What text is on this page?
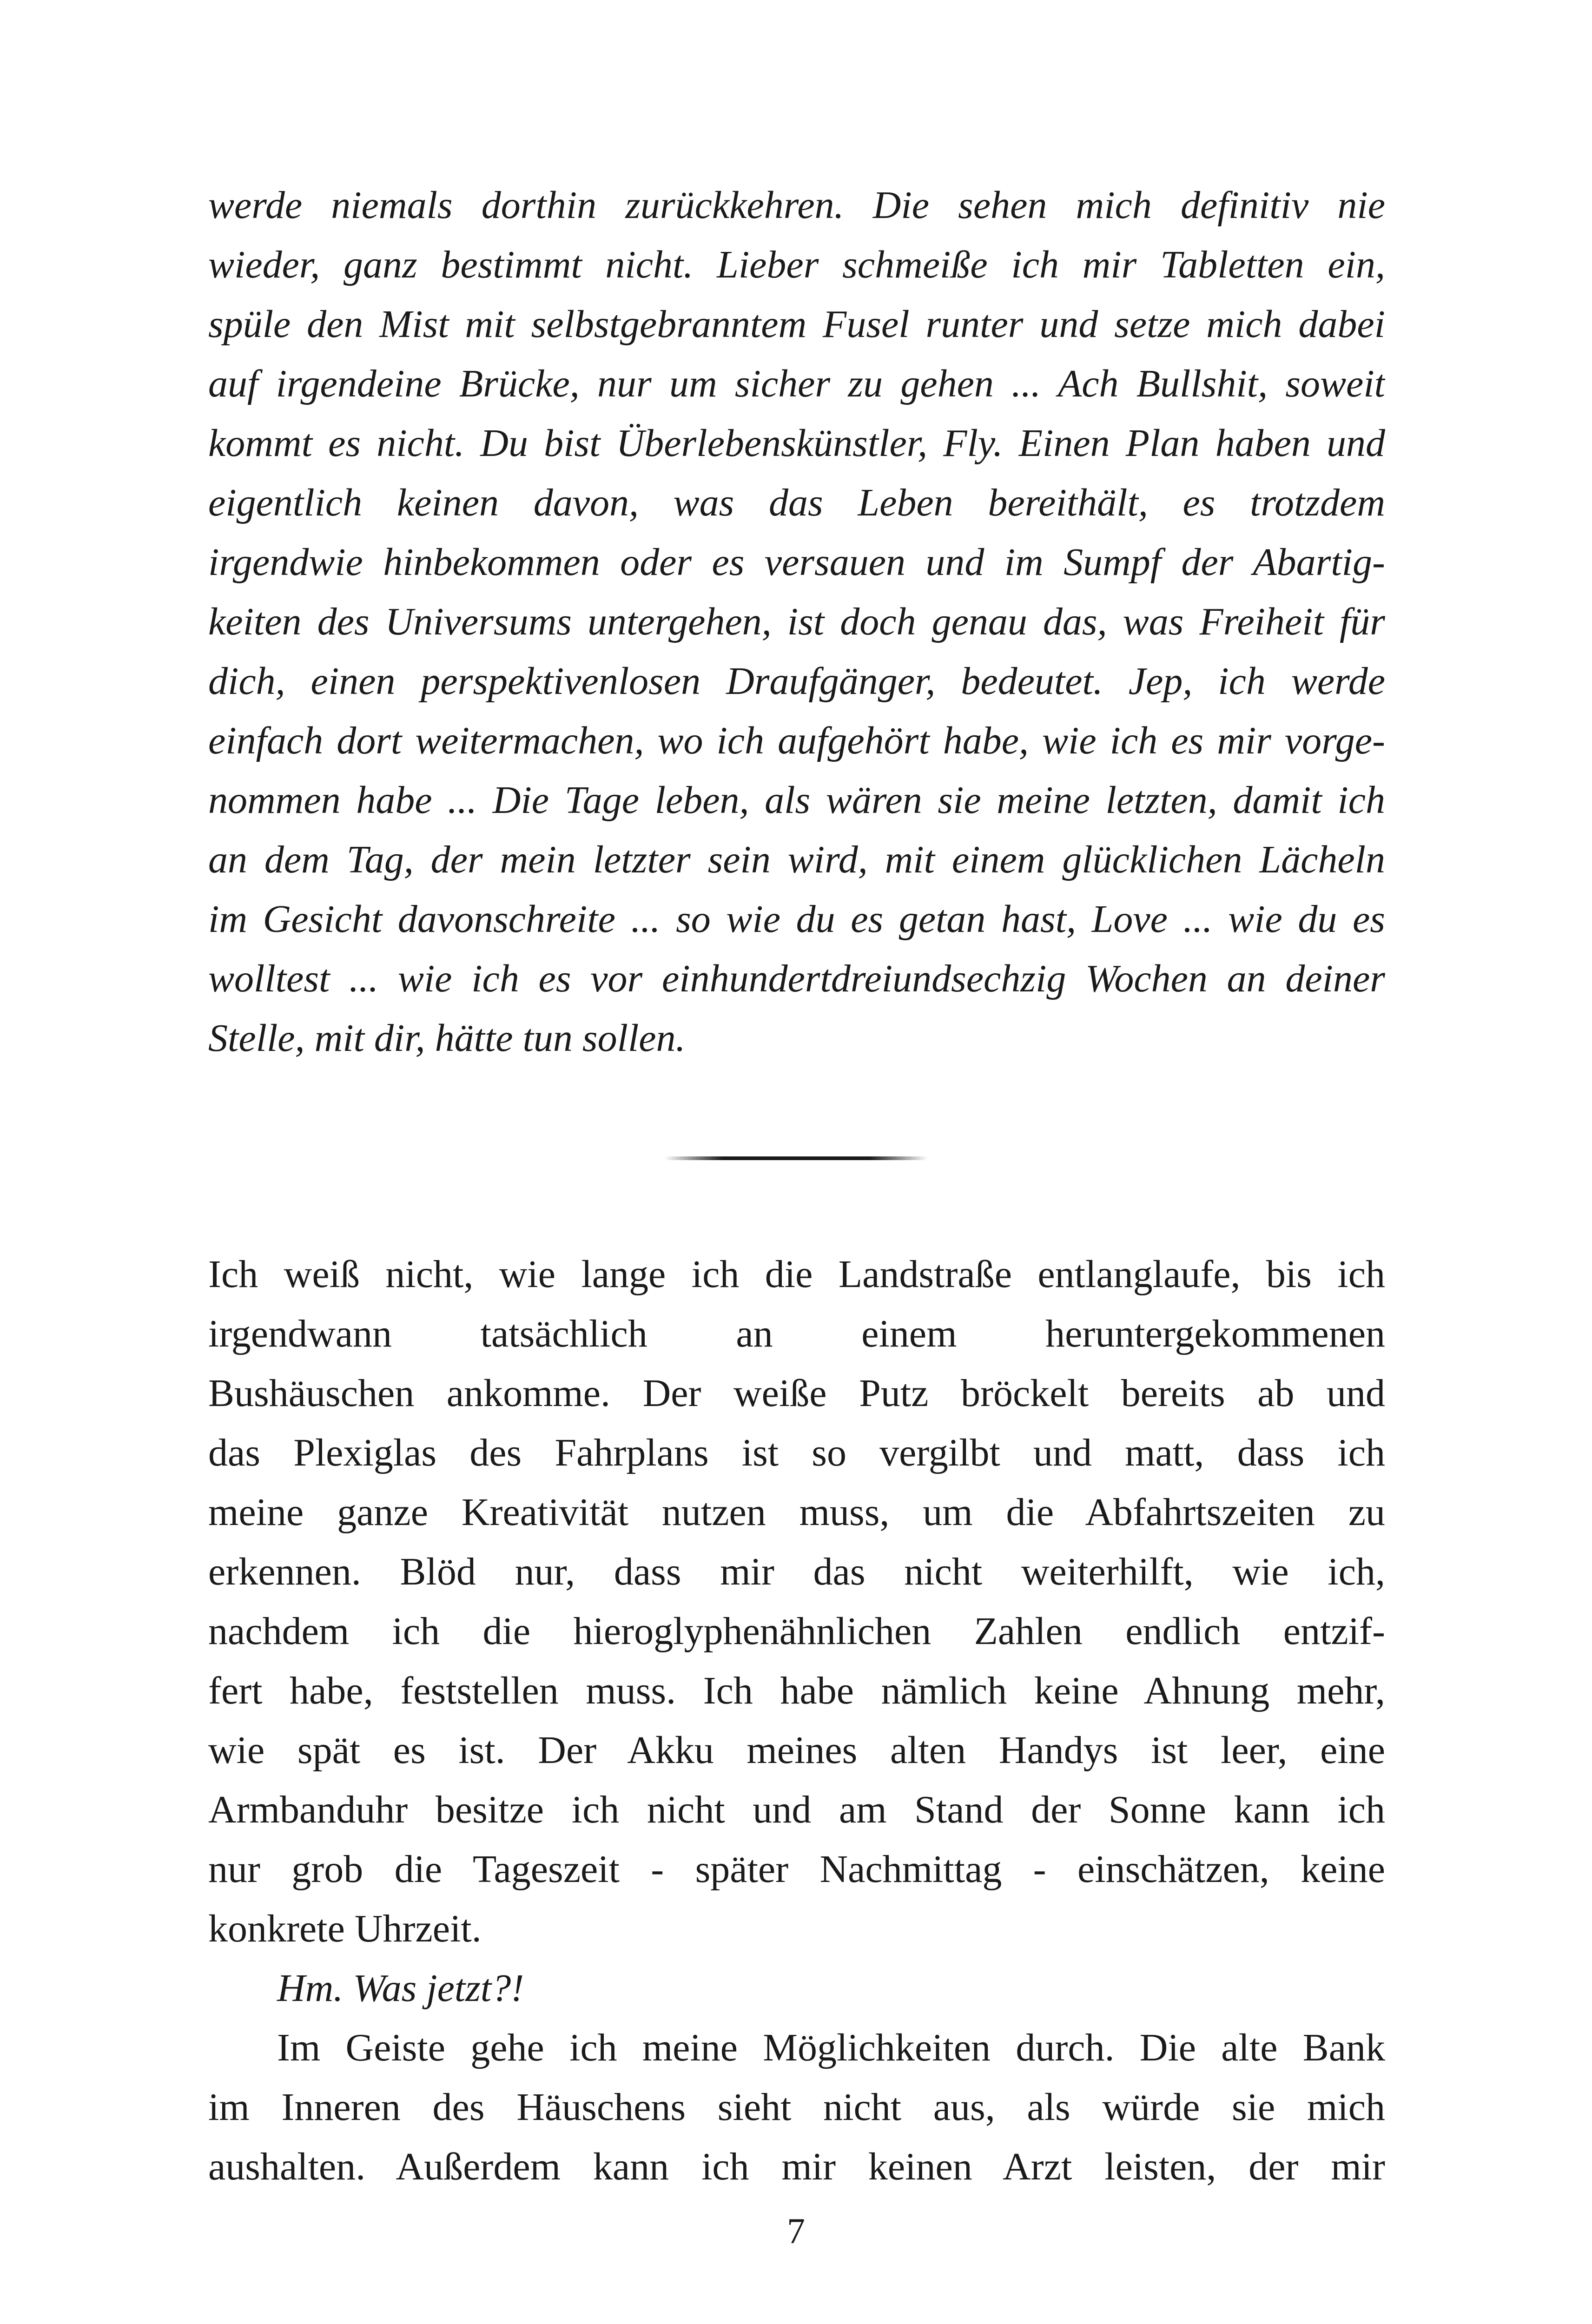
werde niemals dorthin zurückkehren. Die sehen mich definitiv nie
wieder, ganz bestimmt nicht. Lieber schmeiße ich mir Tabletten ein,
spüle den Mist mit selbstgebranntem Fusel runter und setze mich dabei
auf irgendeine Brücke, nur um sicher zu gehen ... Ach Bullshit, soweit
kommt es nicht. Du bist Überlebenskünstler, Fly. Einen Plan haben und
eigentlich keinen davon, was das Leben bereithält, es trotzdem
irgendwie hinbekommen oder es versauen und im Sumpf der Abartig-
keiten des Universums untergehen, ist doch genau das, was Freiheit für
dich, einen perspektivenlosen Draufgänger, bedeutet. Jep, ich werde
einfach dort weitermachen, wo ich aufgehört habe, wie ich es mir vorge-
nommen habe ... Die Tage leben, als wären sie meine letzten, damit ich
an dem Tag, der mein letzter sein wird, mit einem glücklichen Lächeln
im Gesicht davonschreite ... so wie du es getan hast, Love ... wie du es
wolltest ... wie ich es vor einhundertdreiundsechzig Wochen an deiner
Stelle, mit dir, hätte tun sollen.
Ich weiß nicht, wie lange ich die Landstraße entlanglaufe, bis ich
irgendwann tatsächlich an einem heruntergekommenen
Bushäuschen ankomme. Der weiße Putz bröckelt bereits ab und
das Plexiglas des Fahrplans ist so vergilbt und matt, dass ich
meine ganze Kreativität nutzen muss, um die Abfahrtszeiten zu
erkennen. Blöd nur, dass mir das nicht weiterhilft, wie ich,
nachdem ich die hieroglyphenähnlichen Zahlen endlich entzif-
fert habe, feststellen muss. Ich habe nämlich keine Ahnung mehr,
wie spät es ist. Der Akku meines alten Handys ist leer, eine
Armbanduhr besitze ich nicht und am Stand der Sonne kann ich
nur grob die Tageszeit - später Nachmittag - einschätzen, keine
konkrete Uhrzeit.
Hm. Was jetzt?!
Im Geiste gehe ich meine Möglichkeiten durch. Die alte Bank
im Inneren des Häuschens sieht nicht aus, als würde sie mich
aushalten. Außerdem kann ich mir keinen Arzt leisten, der mir
7
